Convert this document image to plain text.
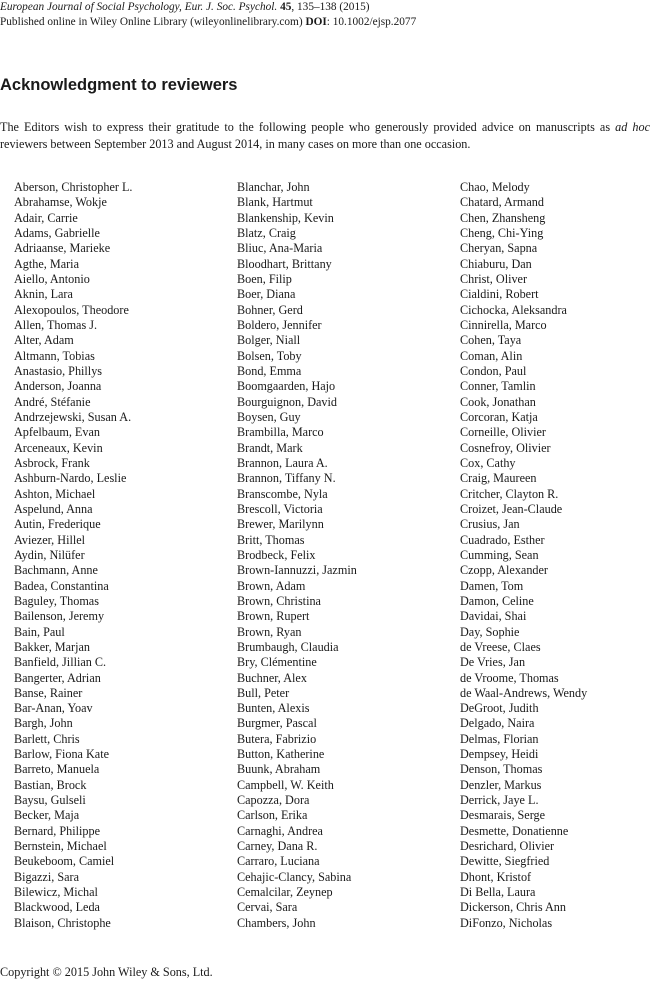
European Journal of Social Psychology, Eur. J. Soc. Psychol. 45, 135–138 (2015)
Published online in Wiley Online Library (wileyonlinelibrary.com) DOI: 10.1002/ejsp.2077
Acknowledgment to reviewers

The Editors wish to express their gratitude to the following people who generously provided advice on manuscripts as ad hoc reviewers between September 2013 and August 2014, in many cases on more than one occasion.

Aberson, Christopher L.
Abrahamse, Wokje
Adair, Carrie
Adams, Gabrielle
Adriaanse, Marieke
Agthe, Maria
Aiello, Antonio
Aknin, Lara
Alexopoulos, Theodore
Allen, Thomas J.
Alter, Adam
Altmann, Tobias
Anastasio, Phillys
Anderson, Joanna
André, Stéfanie
Andrzejewski, Susan A.
Apfelbaum, Evan
Arceneaux, Kevin
Asbrock, Frank
Ashburn-Nardo, Leslie
Ashton, Michael
Aspelund, Anna
Autin, Frederique
Aviezer, Hillel
Aydin, Nilüfer
Bachmann, Anne
Badea, Constantina
Baguley, Thomas
Bailenson, Jeremy
Bain, Paul
Bakker, Marjan
Banfield, Jillian C.
Bangerter, Adrian
Banse, Rainer
Bar-Anan, Yoav
Bargh, John
Barlett, Chris
Barlow, Fiona Kate
Barreto, Manuela
Bastian, Brock
Baysu, Gulseli
Becker, Maja
Bernard, Philippe
Bernstein, Michael
Beukeboom, Camiel
Bigazzi, Sara
Bilewicz, Michal
Blackwood, Leda
Blaison, Christophe
Blanchar, John
Blank, Hartmut
Blankenship, Kevin
Blatz, Craig
Bliuc, Ana-Maria
Bloodhart, Brittany
Boen, Filip
Boer, Diana
Bohner, Gerd
Boldero, Jennifer
Bolger, Niall
Bolsen, Toby
Bond, Emma
Boomgaarden, Hajo
Bourguignon, David
Boysen, Guy
Brambilla, Marco
Brandt, Mark
Brannon, Laura A.
Brannon, Tiffany N.
Branscombe, Nyla
Brescoll, Victoria
Brewer, Marilynn
Britt, Thomas
Brodbeck, Felix
Brown-Iannuzzi, Jazmin
Brown, Adam
Brown, Christina
Brown, Rupert
Brown, Ryan
Brumbaugh, Claudia
Bry, Clémentine
Buchner, Alex
Bull, Peter
Bunten, Alexis
Burgmer, Pascal
Butera, Fabrizio
Button, Katherine
Buunk, Abraham
Campbell, W. Keith
Capozza, Dora
Carlson, Erika
Carnaghi, Andrea
Carney, Dana R.
Carraro, Luciana
Cehajic-Clancy, Sabina
Cemalcilar, Zeynep
Cervai, Sara
Chambers, John
Chao, Melody
Chatard, Armand
Chen, Zhansheng
Cheng, Chi-Ying
Cheryan, Sapna
Chiaburu, Dan
Christ, Oliver
Cialdini, Robert
Cichocka, Aleksandra
Cinnirella, Marco
Cohen, Taya
Coman, Alin
Condon, Paul
Conner, Tamlin
Cook, Jonathan
Corcoran, Katja
Corneille, Olivier
Cosnefroy, Olivier
Cox, Cathy
Craig, Maureen
Critcher, Clayton R.
Croizet, Jean-Claude
Crusius, Jan
Cuadrado, Esther
Cumming, Sean
Czopp, Alexander
Damen, Tom
Damon, Celine
Davidai, Shai
Day, Sophie
de Vreese, Claes
De Vries, Jan
de Vroome, Thomas
de Waal-Andrews, Wendy
DeGroot, Judith
Delgado, Naira
Delmas, Florian
Dempsey, Heidi
Denson, Thomas
Denzler, Markus
Derrick, Jaye L.
Desmarais, Serge
Desmette, Donatienne
Desrichard, Olivier
Dewitte, Siegfried
Dhont, Kristof
Di Bella, Laura
Dickerson, Chris Ann
DiFonzo, Nicholas
Copyright © 2015 John Wiley & Sons, Ltd.
